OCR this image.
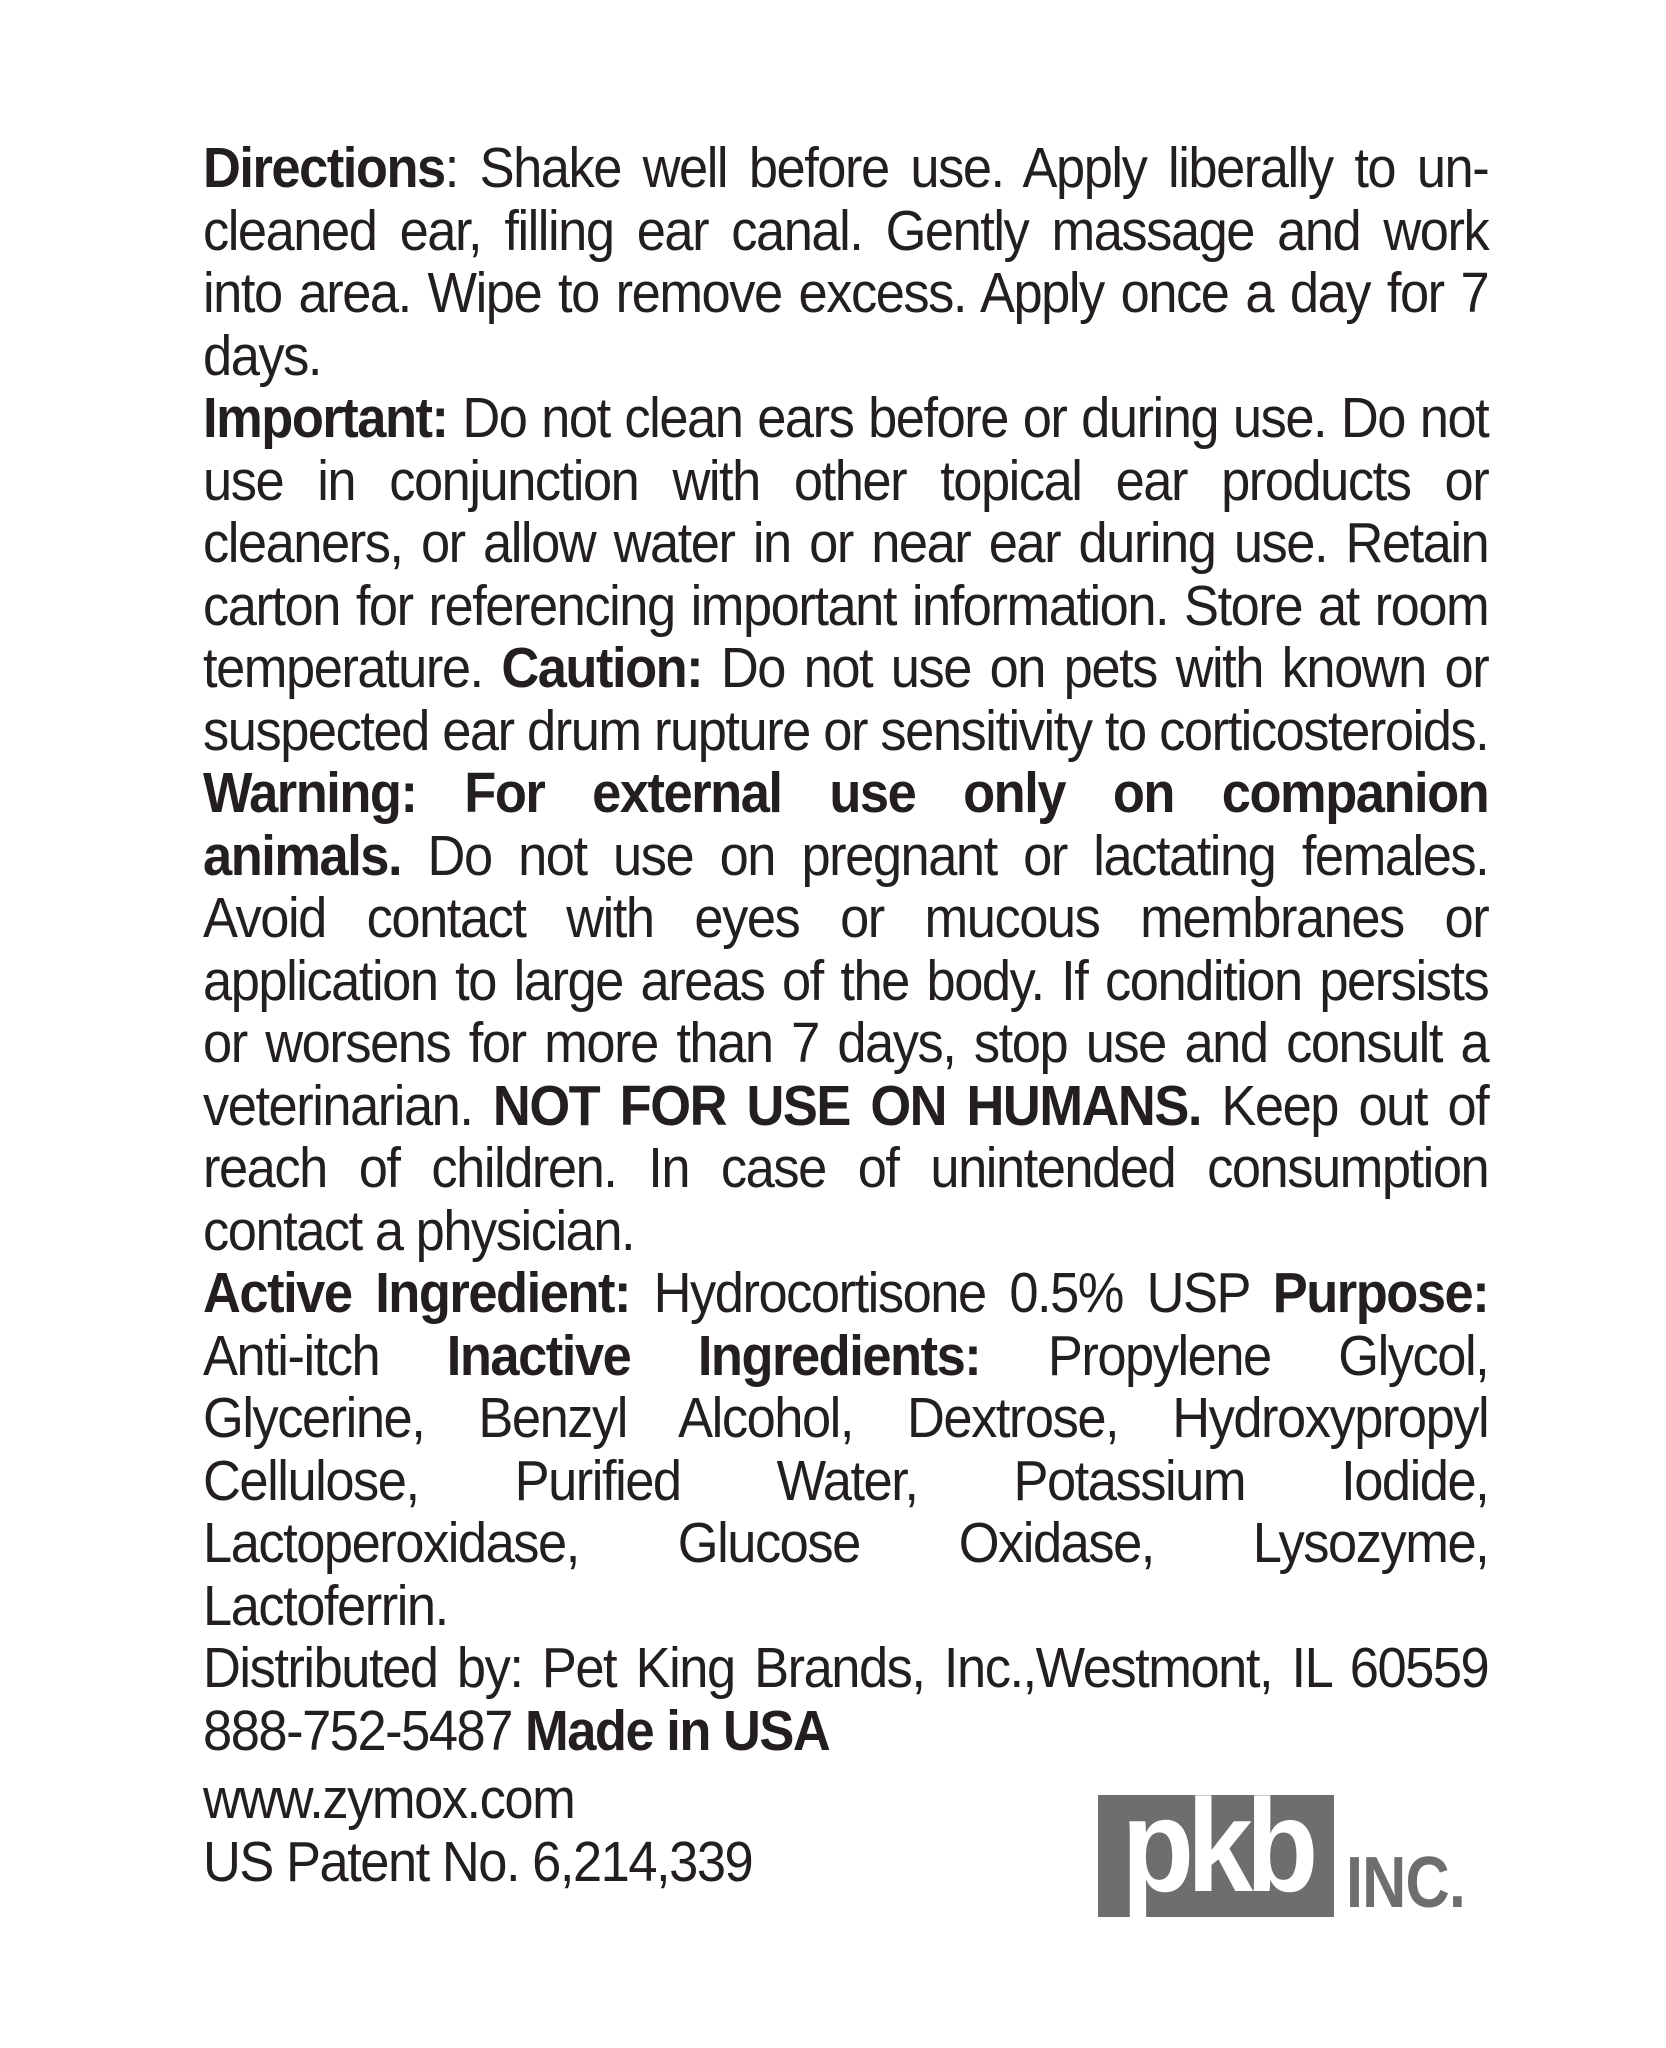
Directions: Shake well before use. Apply liberally to un-cleaned ear, filling ear canal. Gently massage and work into area. Wipe to remove excess. Apply once a day for 7 days.

Important: Do not clean ears before or during use. Do not use in conjunction with other topical ear products or cleaners, or allow water in or near ear during use. Retain carton for referencing important information. Store at room temperature. Caution: Do not use on pets with known or suspected ear drum rupture or sensitivity to corticosteroids. Warning: For external use only on companion animals. Do not use on pregnant or lactating females. Avoid contact with eyes or mucous membranes or application to large areas of the body. If condition persists or worsens for more than 7 days, stop use and consult a veterinarian. NOT FOR USE ON HUMANS. Keep out of reach of children. In case of unintended consumption contact a physician.

Active Ingredient: Hydrocortisone 0.5% USP Purpose: Anti-itch Inactive Ingredients: Propylene Glycol, Glycerine, Benzyl Alcohol, Dextrose, Hydroxypropyl Cellulose, Purified Water, Potassium Iodide, Lactoperoxidase, Glucose Oxidase, Lysozyme, Lactoferrin.

Distributed by: Pet King Brands, Inc.,Westmont, IL 60559 888-752-5487 Made in USA

www.zymox.com
US Patent No. 6,214,339	pkb INC.
